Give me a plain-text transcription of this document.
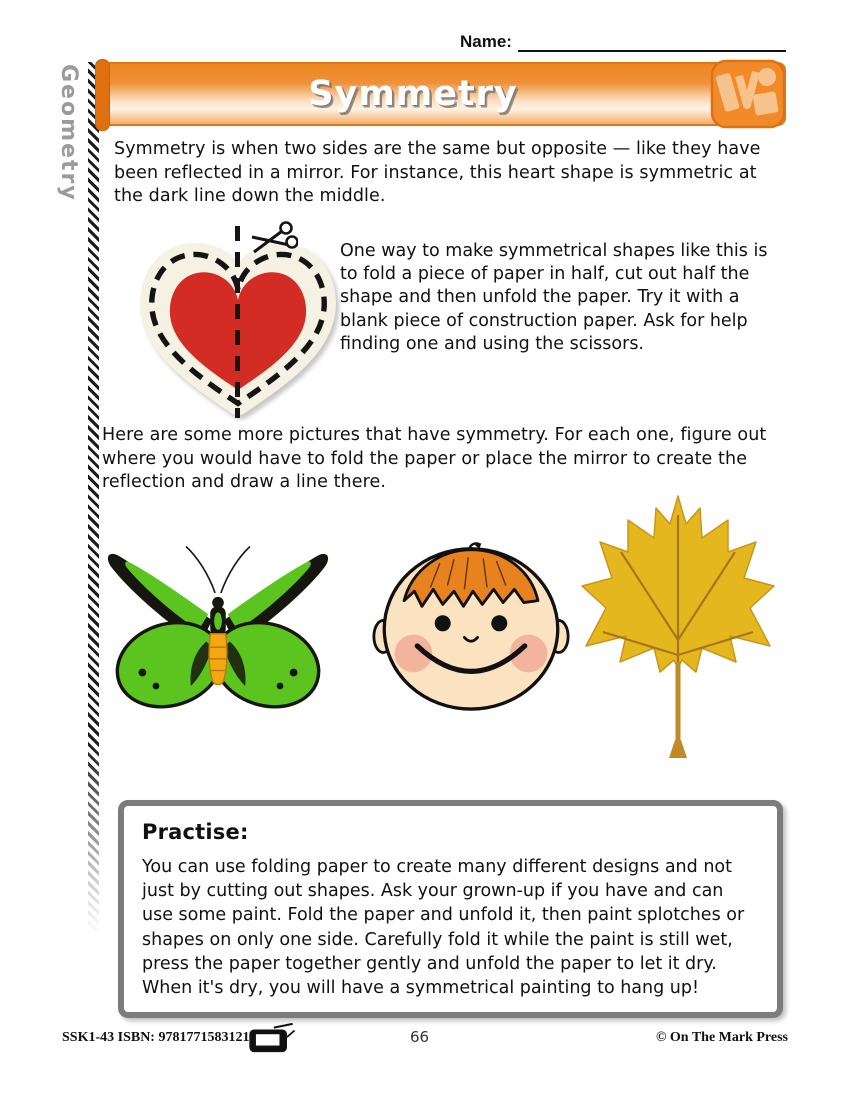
Name:
Geometry	Symmetry

Symmetry is when two sides are the same but opposite — like they have been reflected in a mirror. For instance, this heart shape is symmetric at the dark line down the middle.

One way to make symmetrical shapes like this is to fold a piece of paper in half, cut out half the shape and then unfold the paper. Try it with a blank piece of construction paper. Ask for help finding one and using the scissors.

Here are some more pictures that have symmetry. For each one, figure out where you would have to fold the paper or place the mirror to create the reflection and draw a line there.

Practise:

You can use folding paper to create many different designs and not just by cutting out shapes. Ask your grown-up if you have and can use some paint. Fold the paper and unfold it, then paint splotches or shapes on only one side. Carefully fold it while the paint is still wet, press the paper together gently and unfold the paper to let it dry. When it's dry, you will have a symmetrical painting to hang up!

SSK1-43 ISBN: 9781771583121	66	© On The Mark Press
